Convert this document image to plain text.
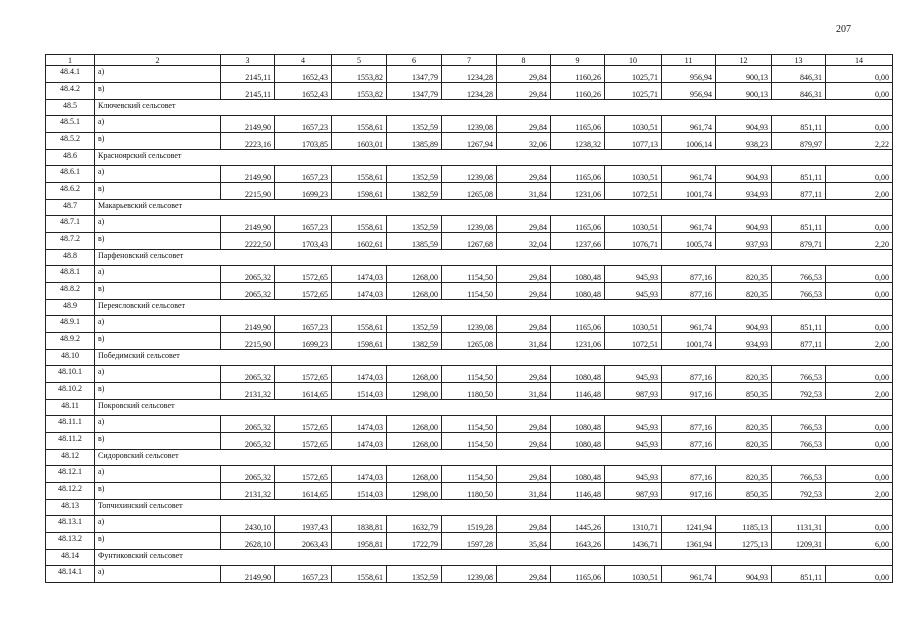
207
1	2	3	4	5	6	7	8	9	10	11	12	13	14
48.4.1	а)	2145,11	1652,43	1553,82	1347,79	1234,28	29,84	1160,26	1025,71	956,94	900,13	846,31	0,00
48.4.2	в)	2145,11	1652,43	1553,82	1347,79	1234,28	29,84	1160,26	1025,71	956,94	900,13	846,31	0,00
48.5	Ключевский сельсовет												
48.5.1	а)	2149,90	1657,23	1558,61	1352,59	1239,08	29,84	1165,06	1030,51	961,74	904,93	851,11	0,00
48.5.2	в)	2223,16	1703,85	1603,01	1385,89	1267,94	32,06	1238,32	1077,13	1006,14	938,23	879,97	2,22
48.6	Красноярский сельсовет												
48.6.1	а)	2149,90	1657,23	1558,61	1352,59	1239,08	29,84	1165,06	1030,51	961,74	904,93	851,11	0,00
48.6.2	в)	2215,90	1699,23	1598,61	1382,59	1265,08	31,84	1231,06	1072,51	1001,74	934,93	877,11	2,00
48.7	Макарьевский сельсовет												
48.7.1	а)	2149,90	1657,23	1558,61	1352,59	1239,08	29,84	1165,06	1030,51	961,74	904,93	851,11	0,00
48.7.2	в)	2222,50	1703,43	1602,61	1385,59	1267,68	32,04	1237,66	1076,71	1005,74	937,93	879,71	2,20
48.8	Парфеновский сельсовет												
48.8.1	а)	2065,32	1572,65	1474,03	1268,00	1154,50	29,84	1080,48	945,93	877,16	820,35	766,53	0,00
48.8.2	в)	2065,32	1572,65	1474,03	1268,00	1154,50	29,84	1080,48	945,93	877,16	820,35	766,53	0,00
48.9	Переясловский сельсовет												
48.9.1	а)	2149,90	1657,23	1558,61	1352,59	1239,08	29,84	1165,06	1030,51	961,74	904,93	851,11	0,00
48.9.2	в)	2215,90	1699,23	1598,61	1382,59	1265,08	31,84	1231,06	1072,51	1001,74	934,93	877,11	2,00
48.10	Победимский сельсовет												
48.10.1	а)	2065,32	1572,65	1474,03	1268,00	1154,50	29,84	1080,48	945,93	877,16	820,35	766,53	0,00
48.10.2	в)	2131,32	1614,65	1514,03	1298,00	1180,50	31,84	1146,48	987,93	917,16	850,35	792,53	2,00
48.11	Покровский сельсовет												
48.11.1	а)	2065,32	1572,65	1474,03	1268,00	1154,50	29,84	1080,48	945,93	877,16	820,35	766,53	0,00
48.11.2	в)	2065,32	1572,65	1474,03	1268,00	1154,50	29,84	1080,48	945,93	877,16	820,35	766,53	0,00
48.12	Сидоровский сельсовет												
48.12.1	а)	2065,32	1572,65	1474,03	1268,00	1154,50	29,84	1080,48	945,93	877,16	820,35	766,53	0,00
48.12.2	в)	2131,32	1614,65	1514,03	1298,00	1180,50	31,84	1146,48	987,93	917,16	850,35	792,53	2,00
48.13	Топчихинский сельсовет												
48.13.1	а)	2430,10	1937,43	1838,81	1632,79	1519,28	29,84	1445,26	1310,71	1241,94	1185,13	1131,31	0,00
48.13.2	в)	2628,10	2063,43	1958,81	1722,79	1597,28	35,84	1643,26	1436,71	1361,94	1275,13	1209,31	6,00
48.14	Фунтиковский сельсовет												
48.14.1	а)	2149,90	1657,23	1558,61	1352,59	1239,08	29,84	1165,06	1030,51	961,74	904,93	851,11	0,00
